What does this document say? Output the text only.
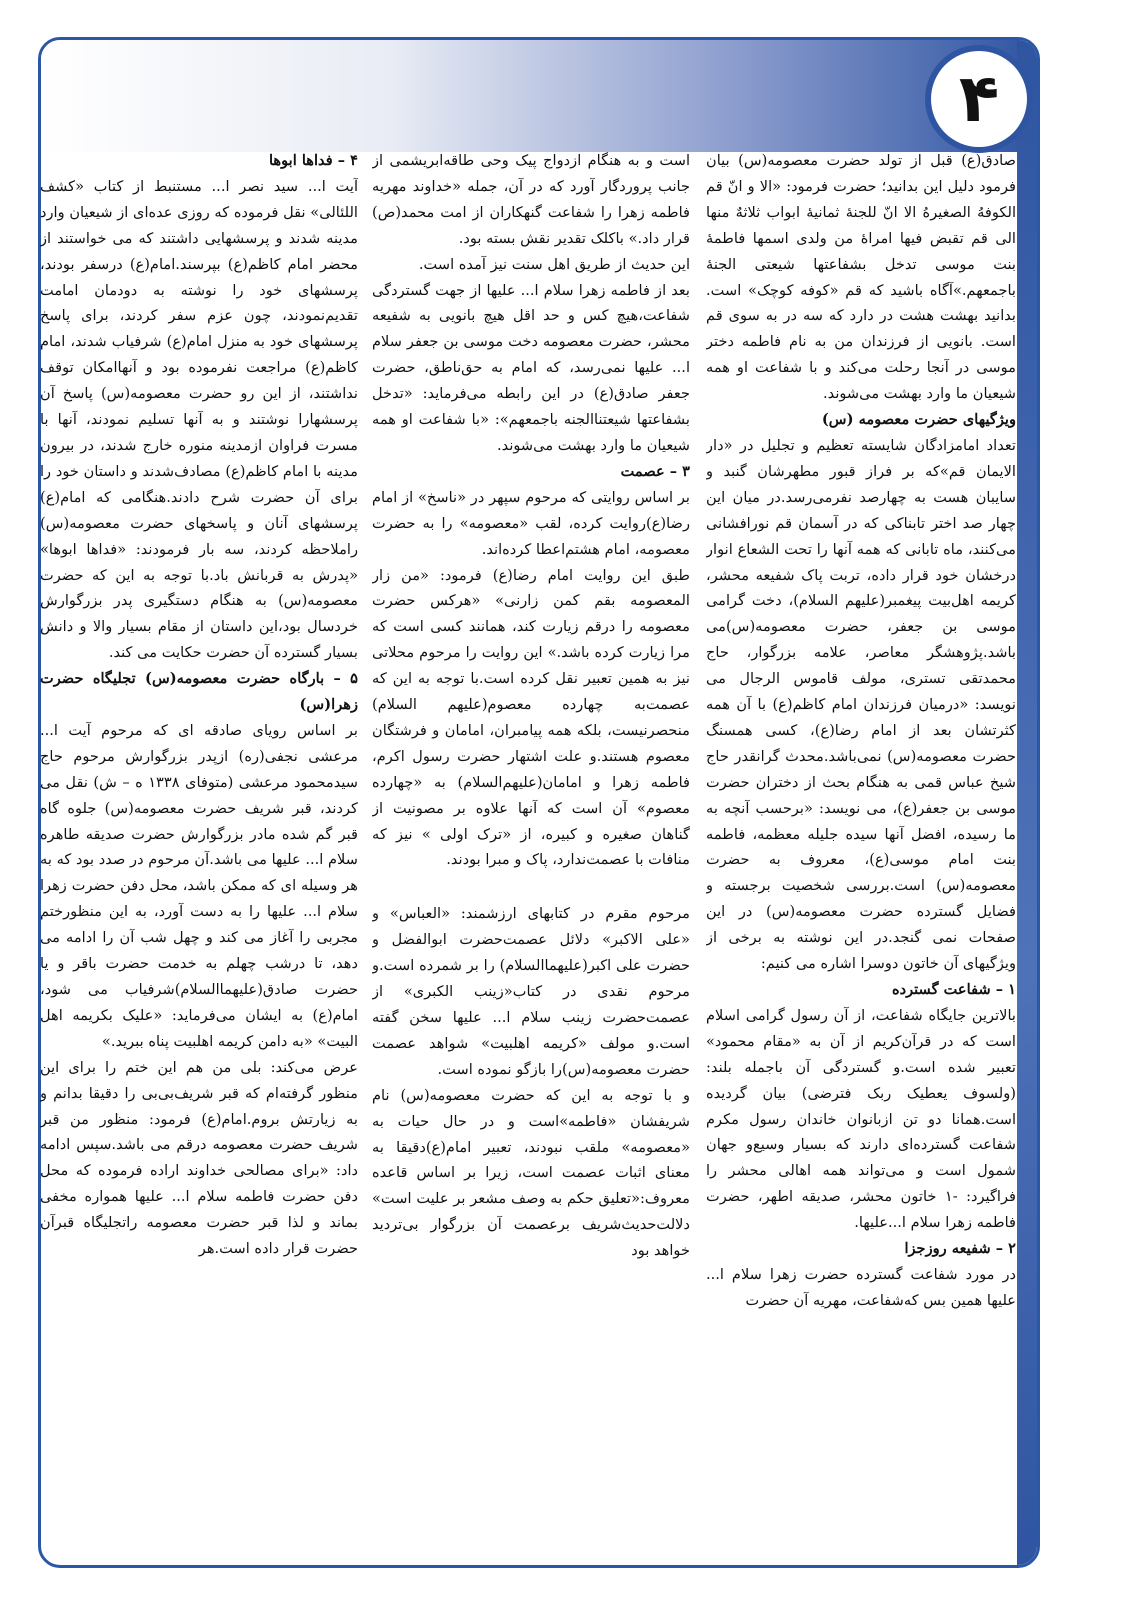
۴

صادق(ع) قبل از تولد حضرت معصومه(س) بیان فرمود دلیل این بدانید؛ حضرت فرمود: «الا و انّ قم الکوفهُ الصغیرهُ الا انّ للجنهٔ ثمانیهٔ ابواب ثلاثهٌ منها الی قم تقبض فیها امراهٔ من ولدی اسمها فاطمهٔ بنت موسی تدخل بشفاعتها شیعتی الجنهٔ باجمعهم.»آگاه باشید که قم «کوفه کوچک» است. بدانید بهشت هشت در دارد که سه در به سوی قم است. بانویی از فرزندان من به نام فاطمه دختر موسی در آنجا رحلت می‌کند و با شفاعت او همه شیعیان ما وارد بهشت می‌شوند.

ویژگیهای حضرت معصومه (س)

تعداد امامزادگان شایسته تعظیم و تجلیل در «دار الایمان قم»که بر فراز قبور مطهرشان گنبد و سایبان هست به چهارصد نفرمی‌رسد.در میان این چهار صد اختر تابناکی که در آسمان قم نورافشانی می‌کنند، ماه تابانی که همه آنها را تحت الشعاع انوار درخشان خود قرار داده، تربت پاک شفیعه محشر، کریمه اهل‌بیت پیغمبر(علیهم السلام)، دخت گرامی موسی بن جعفر، حضرت معصومه(س)می باشد.پژوهشگر معاصر، علامه بزرگوار، حاج محمدتقی تستری، مولف قاموس الرجال می نویسد: «درمیان فرزندان امام کاظم(ع) با آن همه کثرتشان بعد از امام رضا(ع)، کسی همسنگ حضرت معصومه(س) نمی‌باشد.محدث گرانقدر حاج شیخ عباس قمی به هنگام بحث از دختران حضرت موسی بن جعفر(ع)، می نویسد: «برحسب آنچه به ما رسیده، افضل آنها سیده جلیله معظمه، فاطمه بنت امام موسی(ع)، معروف به حضرت معصومه(س) است.بررسی شخصیت برجسته و فضایل گسترده حضرت معصومه(س) در این صفحات نمی گنجد.در این نوشته به برخی از ویژگیهای آن خاتون دوسرا اشاره می کنیم:

۱ – شفاعت گسترده

بالاترین جایگاه شفاعت، از آن رسول گرامی اسلام است که در قرآن‌کریم از آن به «مقام محمود» تعبیر شده است.و گستردگی آن باجمله بلند: (ولسوف یعطیک ربک فترضی) بیان گردیده است.همانا دو تن ازبانوان خاندان رسول مکرم شفاعت گسترده‌ای دارند که بسیار وسیع‌و جهان شمول است و می‌تواند همه اهالی محشر را فراگیرد: -۱ خاتون محشر، صدیقه اطهر، حضرت فاطمه زهرا سلام ا...علیها.

۲ – شفیعه روزجزا

در مورد شفاعت گسترده حضرت زهرا سلام ا... علیها همین بس که‌شفاعت، مهریه آن حضرت

است و به هنگام ازدواج پیک وحی طاقه‌ابریشمی از جانب پروردگار آورد که در آن، جمله «خداوند مهریه فاطمه زهرا را شفاعت گنهکاران از امت محمد(ص) قرار داد.» باکلک تقدیر نقش بسته بود.

این حدیث از طریق اهل سنت نیز آمده است.

بعد از فاطمه زهرا سلام ا... علیها از جهت گستردگی شفاعت،هیچ کس و حد اقل هیچ بانویی به شفیعه محشر، حضرت معصومه دخت موسی بن جعفر سلام ا... علیها نمی‌رسد، که امام به حق‌ناطق، حضرت جعفر صادق(ع) در این رابطه می‌فرماید: «تدخل بشفاعتها شیعتناالجنه باجمعهم»: «با شفاعت او همه شیعیان ما وارد بهشت می‌شوند.

۳ – عصمت

بر اساس روایتی که مرحوم سپهر در «ناسخ» از امام رضا(ع)روایت کرده، لقب «معصومه» را به حضرت معصومه، امام هشتم‌اعطا کرده‌اند.

طبق این روایت امام رضا(ع) فرمود: «من زار المعصومه بقم کمن زارنی» «هرکس حضرت معصومه را درقم زیارت کند، همانند کسی است که مرا زیارت کرده باشد.» این روایت را مرحوم محلاتی نیز به همین تعبیر نقل کرده است.با توجه به این که عصمت‌به چهارده معصوم(علیهم السلام) منحصرنیست، بلکه همه پیامبران، امامان و فرشتگان معصوم هستند.و علت اشتهار حضرت رسول اکرم، فاطمه زهرا و امامان(علیهم‌السلام) به «چهارده معصوم» آن است که آنها علاوه بر مصونیت از گناهان صغیره و کبیره، از «ترک اولی » نیز که منافات با عصمت‌ندارد، پاک و مبرا بودند.

مرحوم مقرم در کتابهای ارزشمند: «العباس» و «علی الاکبر» دلائل عصمت‌حضرت ابوالفضل و حضرت علی اکبر(علیهماالسلام) را بر شمرده است.و مرحوم نقدی در کتاب«زینب الکبری» از عصمت‌حضرت زینب سلام ا... علیها سخن گفته است.و مولف «کریمه اهلبیت» شواهد عصمت حضرت معصومه(س)را بازگو نموده است.

و با توجه به این که حضرت معصومه(س) نام شریفشان «فاطمه»است و در حال حیات به «معصومه» ملقب نبودند، تعبیر امام(ع)دقیقا به معنای اثبات عصمت است، زیرا بر اساس قاعده معروف:«تعلیق حکم به وصف مشعر بر علیت است» دلالت‌حدیث‌شریف برعصمت آن بزرگوار بی‌تردید خواهد بود

۴ – فداها ابوها

آیت ا... سید نصر ا... مستنبط از کتاب «کشف اللئالی» نقل فرموده که روزی عده‌ای از شیعیان وارد مدینه شدند و پرسشهایی داشتند که می خواستند از محضر امام کاظم(ع) بپرسند.امام(ع) درسفر بودند، پرسشهای خود را نوشته به دودمان امامت تقدیم‌نمودند، چون عزم سفر کردند، برای پاسخ پرسشهای خود به منزل امام(ع) شرفیاب شدند، امام کاظم(ع) مراجعت نفرموده بود و آنهاامکان توقف نداشتند، از این رو حضرت معصومه(س) پاسخ آن پرسشهارا نوشتند و به آنها تسلیم نمودند، آنها با مسرت فراوان ازمدینه منوره خارج شدند، در بیرون مدینه با امام کاظم(ع) مصادف‌شدند و داستان خود را برای آن حضرت شرح دادند.هنگامی که امام(ع) پرسشهای آنان و پاسخهای حضرت معصومه(س) راملاحظه کردند، سه بار فرمودند: «فداها ابوها» «پدرش به قربانش باد.با توجه به این که حضرت معصومه(س) به هنگام دستگیری پدر بزرگوارش خردسال بود،این داستان از مقام بسیار والا و دانش بسیار گسترده آن حضرت حکایت می کند.

۵ – بارگاه حضرت معصومه(س) تجلیگاه حضرت زهرا(س)

بر اساس رویای صادقه ای که مرحوم آیت ا... مرعشی نجفی(ره) ازپدر بزرگوارش مرحوم حاج سیدمحمود مرعشی (متوفای ۱۳۳۸ ه – ش) نقل می کردند، قبر شریف حضرت معصومه(س) جلوه گاه قبر گم شده مادر بزرگوارش حضرت صدیقه طاهره سلام ا... علیها می باشد.آن مرحوم در صدد بود که به هر وسیله ای که ممکن باشد، محل دفن حضرت زهرا سلام ا... علیها را به دست آورد، به این منظورختم مجربی را آغاز می کند و چهل شب آن را ادامه می دهد، تا درشب چهلم به خدمت حضرت باقر و یا حضرت صادق(علیهماالسلام)شرفیاب می شود، امام(ع) به ایشان می‌فرماید: «علیک بکریمه اهل البیت» «به دامن کریمه اهلبیت پناه ببرید.»

عرض می‌کند: بلی من هم این ختم را برای این منظور گرفته‌ام که قبر شریف‌بی‌بی را دقیقا بدانم و به زیارتش بروم.امام(ع) فرمود: منظور من قبر شریف حضرت معصومه درقم می باشد.سپس ادامه داد: «برای مصالحی خداوند اراده فرموده که محل دفن حضرت فاطمه سلام ا... علیها همواره مخفی بماند و لذا قبر حضرت معصومه راتجلیگاه قبرآن حضرت قرار داده است.هر
